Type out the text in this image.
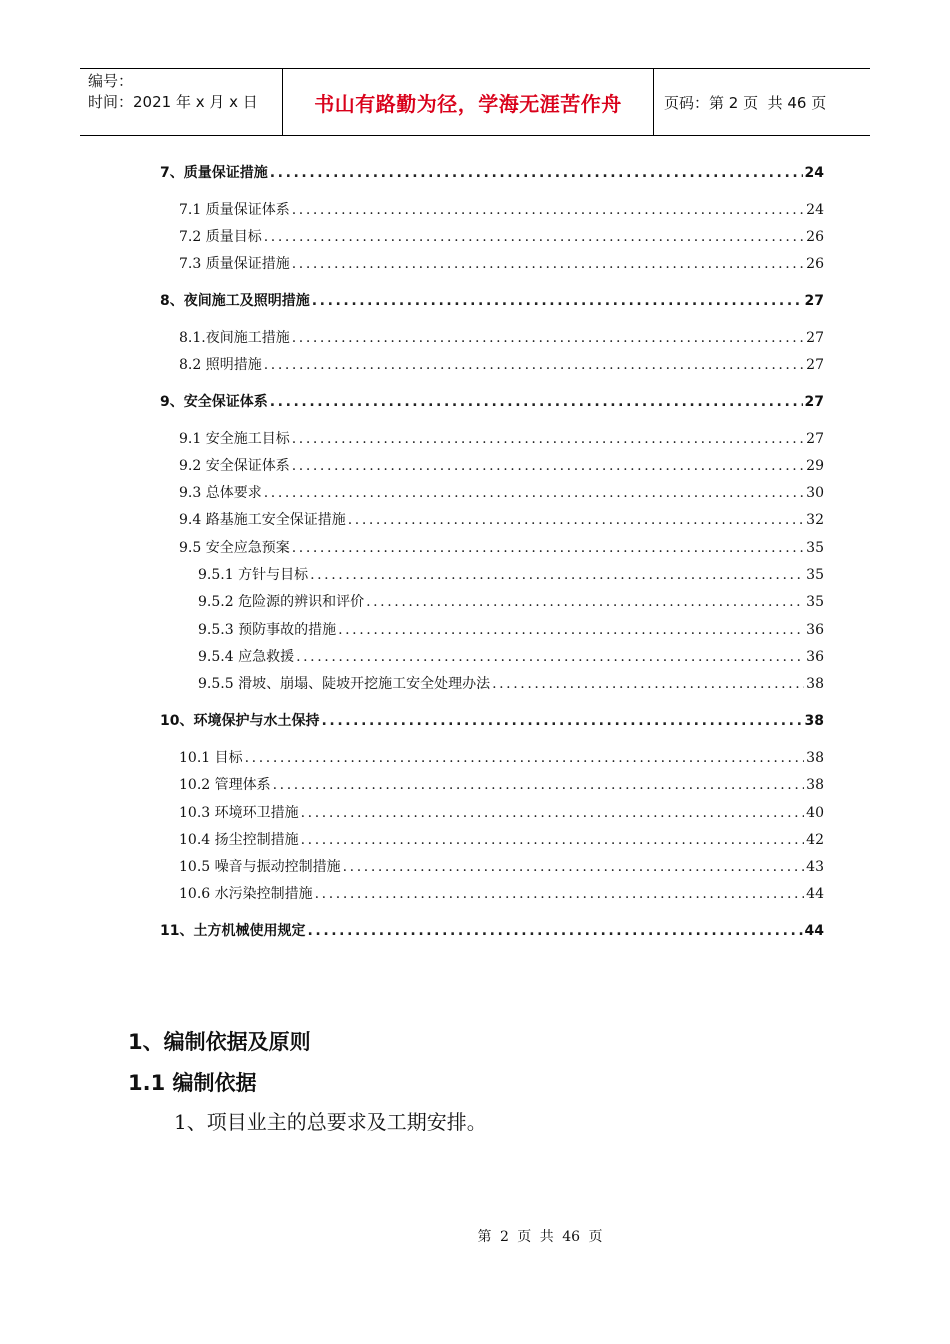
编号：
时间：2021 年 x 月 x 日	书山有路勤为径，学海无涯苦作舟	页码：第 2 页  共 46 页
7、质量保证措施 .....	24
7.1 质量保证体系 .....	24
7.2 质量目标 .....	26
7.3 质量保证措施 .....	26
8、夜间施工及照明措施 .....	27
8.1.夜间施工措施 .....	27
8.2 照明措施 .....	27
9、安全保证体系 .....	27
9.1 安全施工目标 .....	27
9.2 安全保证体系 .....	29
9.3 总体要求 .....	30
9.4 路基施工安全保证措施 .....	32
9.5 安全应急预案 .....	35
9.5.1 方针与目标 .....	35
9.5.2 危险源的辨识和评价 .....	35
9.5.3 预防事故的措施 .....	36
9.5.4 应急救援 .....	36
9.5.5 滑坡、崩塌、陡坡开挖施工安全处理办法 .....	38
10、环境保护与水土保持 .....	38
10.1 目标 .....	38
10.2 管理体系 .....	38
10.3 环境环卫措施 .....	40
10.4 扬尘控制措施 .....	42
10.5 噪音与振动控制措施 .....	43
10.6 水污染控制措施 .....	44
11、土方机械使用规定 .....	44
1、编制依据及原则
1.1 编制依据
1、项目业主的总要求及工期安排。
第 2 页 共 46 页
